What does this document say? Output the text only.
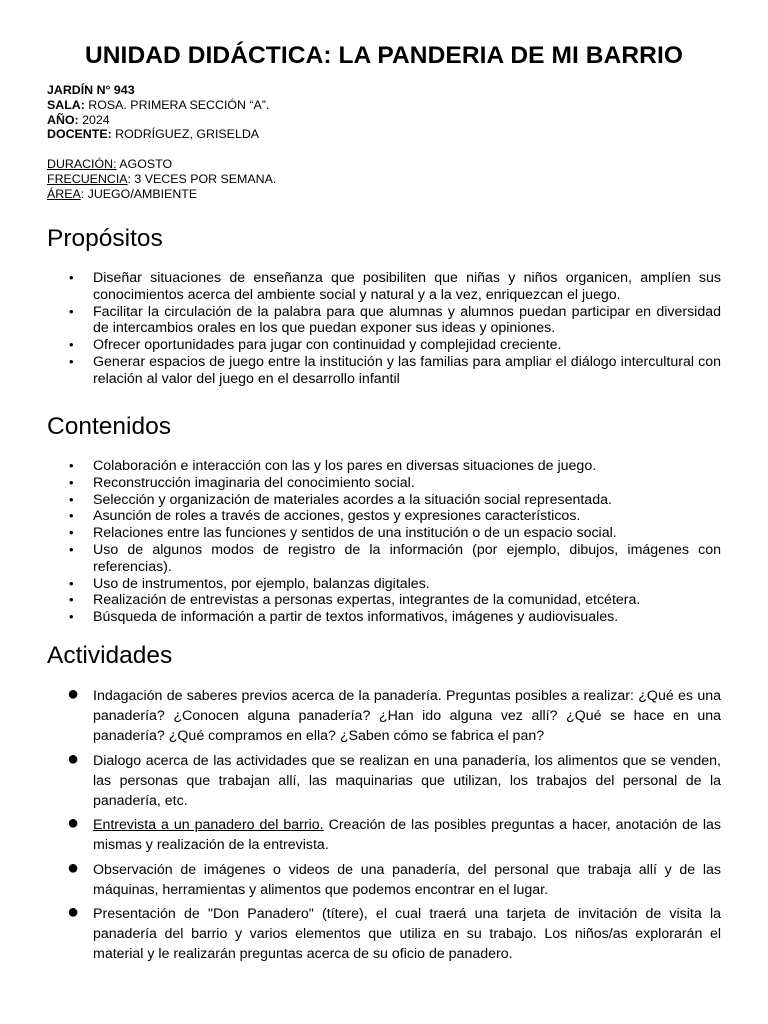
UNIDAD DIDÁCTICA: LA PANDERIA DE MI BARRIO
JARDÍN N° 943
SALA: ROSA. PRIMERA SECCIÓN “A”.
AÑO: 2024
DOCENTE: RODRÍGUEZ, GRISELDA
DURACIÓN: AGOSTO
FRECUENCIA: 3 VECES POR SEMANA.
ÁREA: JUEGO/AMBIENTE
Propósitos
• Diseñar situaciones de enseñanza que posibiliten que niñas y niños organicen, amplíen sus conocimientos acerca del ambiente social y natural y a la vez, enriquezcan el juego.
• Facilitar la circulación de la palabra para que alumnas y alumnos puedan participar en diversidad de intercambios orales en los que puedan exponer sus ideas y opiniones.
• Ofrecer oportunidades para jugar con continuidad y complejidad creciente.
• Generar espacios de juego entre la institución y las familias para ampliar el diálogo intercultural con relación al valor del juego en el desarrollo infantil
Contenidos
• Colaboración e interacción con las y los pares en diversas situaciones de juego.
• Reconstrucción imaginaria del conocimiento social.
• Selección y organización de materiales acordes a la situación social representada.
• Asunción de roles a través de acciones, gestos y expresiones característicos.
• Relaciones entre las funciones y sentidos de una institución o de un espacio social.
• Uso de algunos modos de registro de la información (por ejemplo, dibujos, imágenes con referencias).
• Uso de instrumentos, por ejemplo, balanzas digitales.
• Realización de entrevistas a personas expertas, integrantes de la comunidad, etcétera.
• Búsqueda de información a partir de textos informativos, imágenes y audiovisuales.
Actividades
● Indagación de saberes previos acerca de la panadería. Preguntas posibles a realizar: ¿Qué es una panadería? ¿Conocen alguna panadería? ¿Han ido alguna vez allí? ¿Qué se hace en una panadería? ¿Qué compramos en ella? ¿Saben cómo se fabrica el pan?
● Dialogo acerca de las actividades que se realizan en una panadería, los alimentos que se venden, las personas que trabajan allí, las maquinarias que utilizan, los trabajos del personal de la panadería, etc.
● Entrevista a un panadero del barrio. Creación de las posibles preguntas a hacer, anotación de las mismas y realización de la entrevista.
● Observación de imágenes o videos de una panadería, del personal que trabaja allí y de las máquinas, herramientas y alimentos que podemos encontrar en el lugar.
● Presentación de "Don Panadero" (títere), el cual traerá una tarjeta de invitación de visita la panadería del barrio y varios elementos que utiliza en su trabajo. Los niños/as explorarán el material y le realizarán preguntas acerca de su oficio de panadero.
